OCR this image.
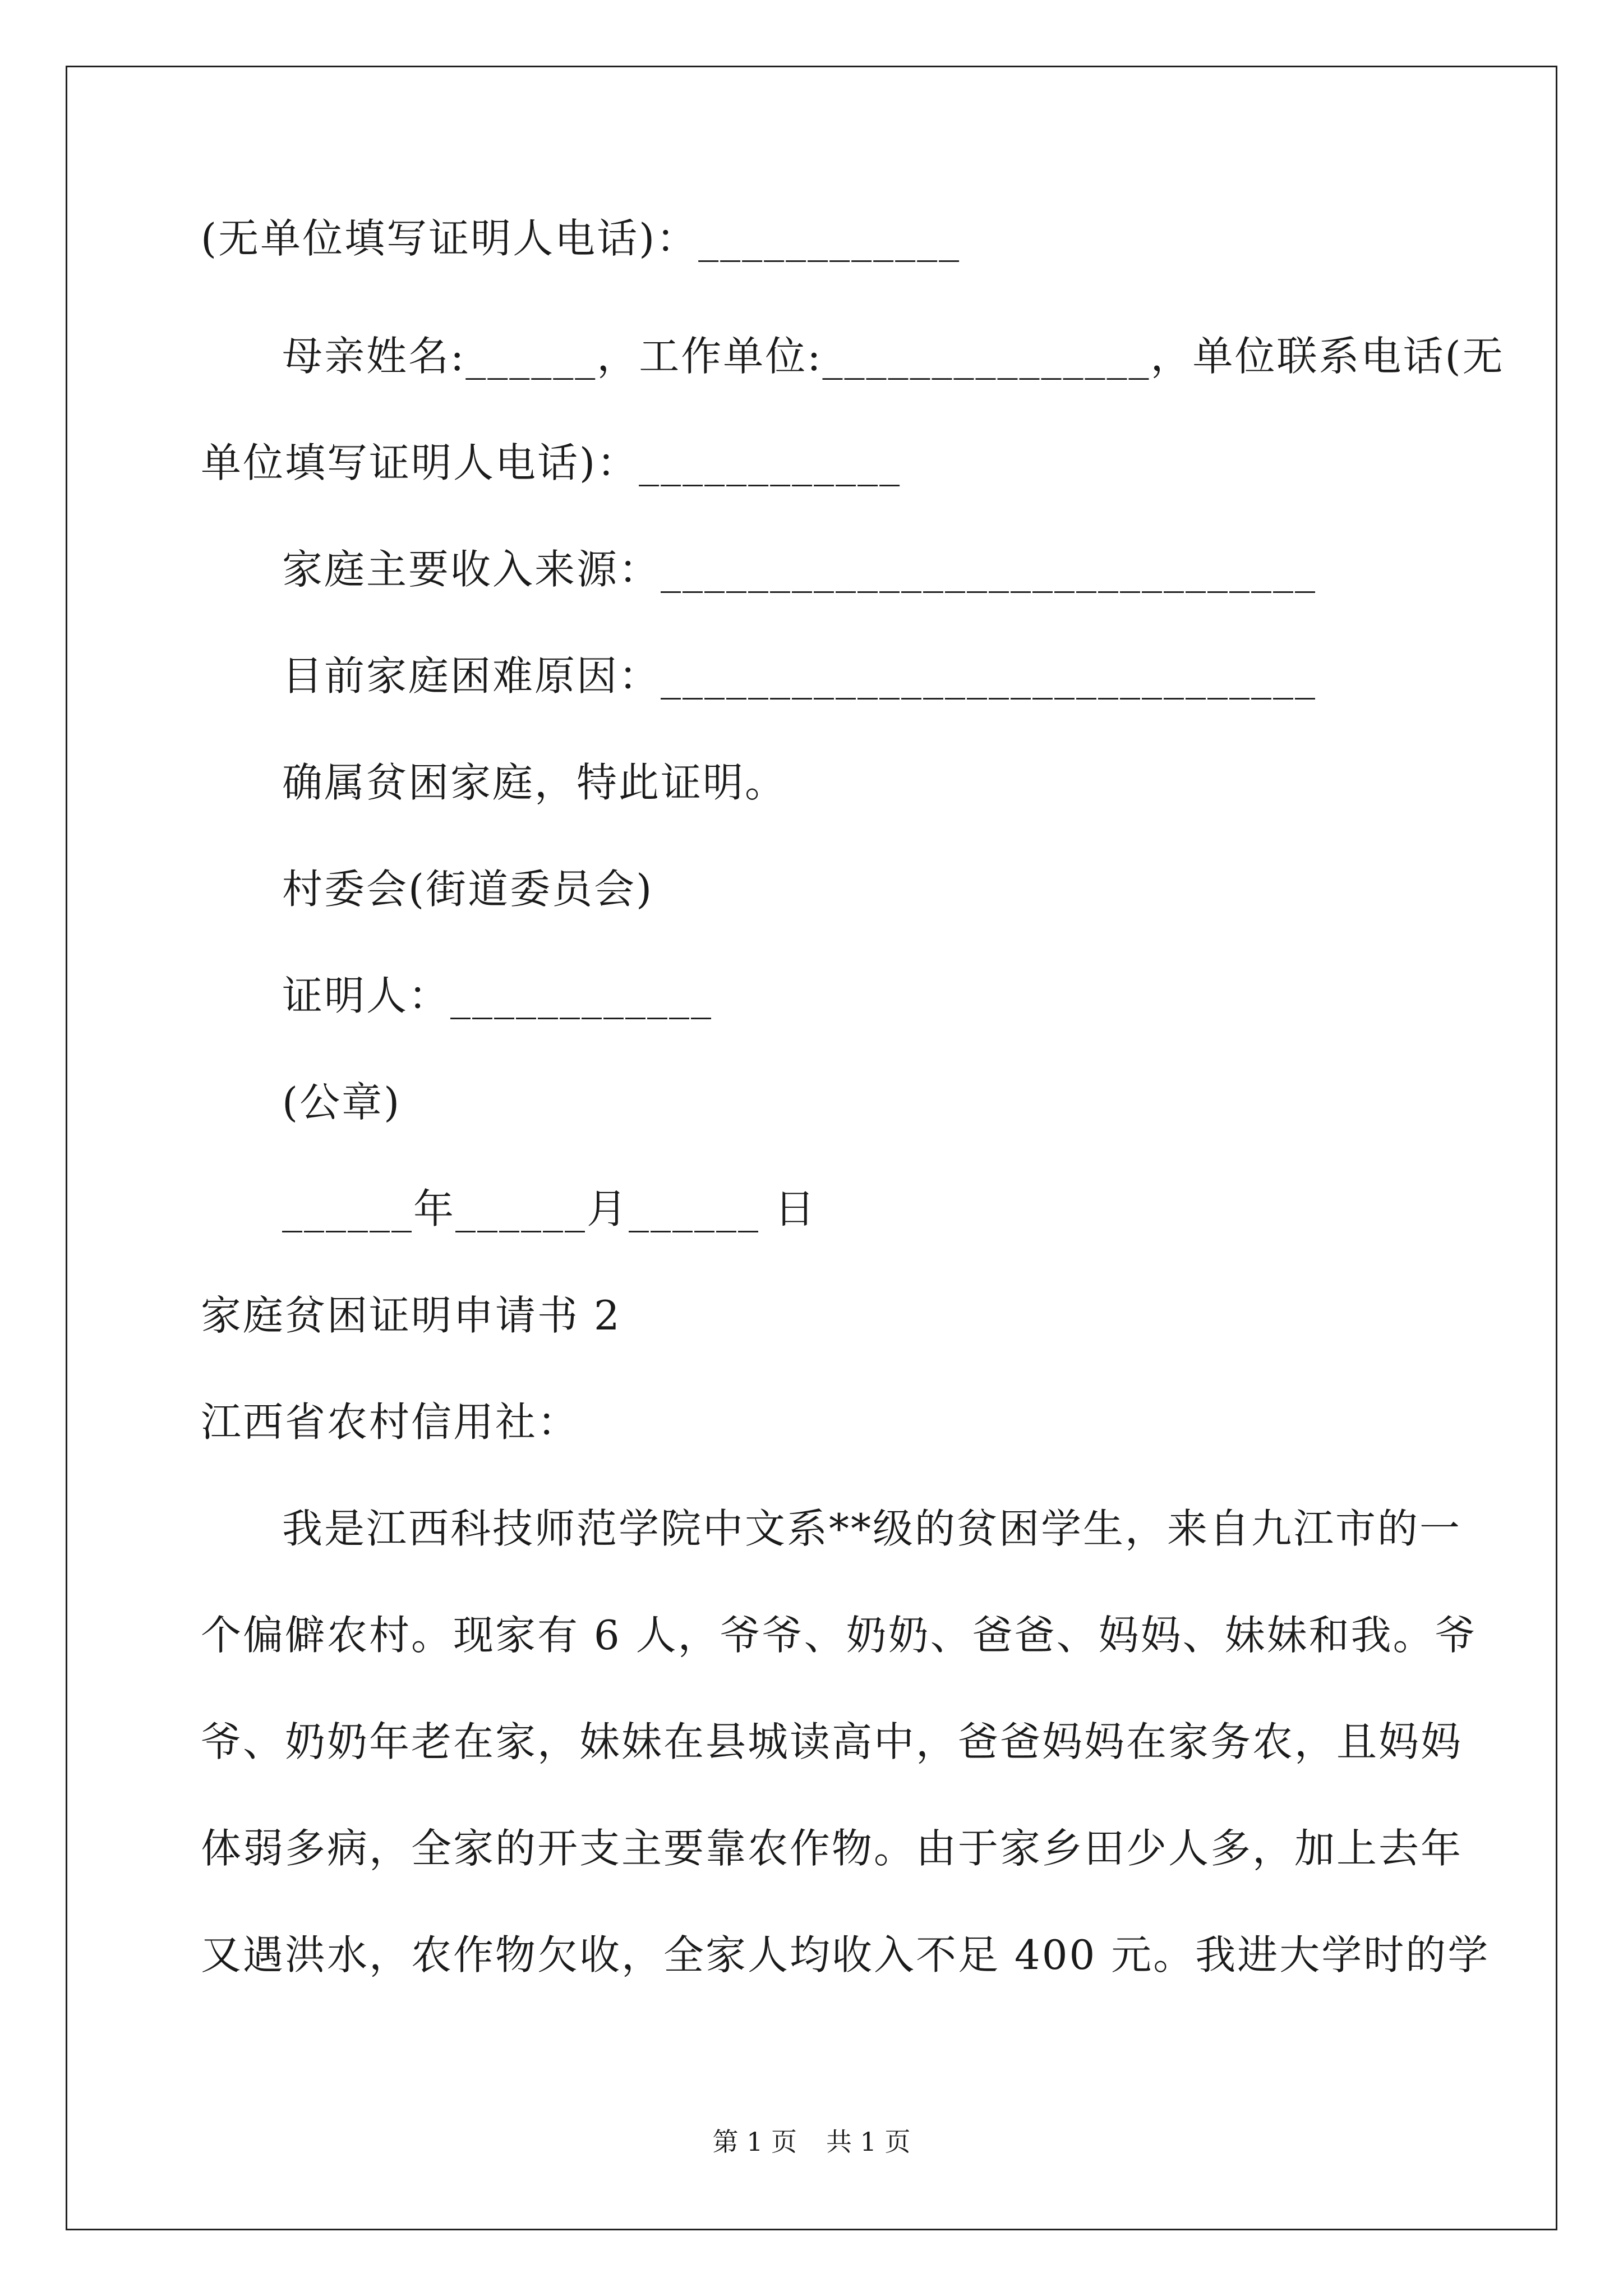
(无单位填写证明人电话)：____________
母亲姓名:______，工作单位:_______________，单位联系电话(无
单位填写证明人电话)：____________
家庭主要收入来源：______________________________
目前家庭困难原因：______________________________
确属贫困家庭，特此证明。
村委会(街道委员会)
证明人：____________
(公章)
______年______月______ 日
家庭贫困证明申请书 2
江西省农村信用社：
我是江西科技师范学院中文系**级的贫困学生，来自九江市的一
个偏僻农村。现家有 6 人，爷爷、奶奶、爸爸、妈妈、妹妹和我。爷
爷、奶奶年老在家，妹妹在县城读高中，爸爸妈妈在家务农，且妈妈
体弱多病，全家的开支主要靠农作物。由于家乡田少人多，加上去年
又遇洪水，农作物欠收，全家人均收入不足 400 元。我进大学时的学
第 1 页 共 1 页
